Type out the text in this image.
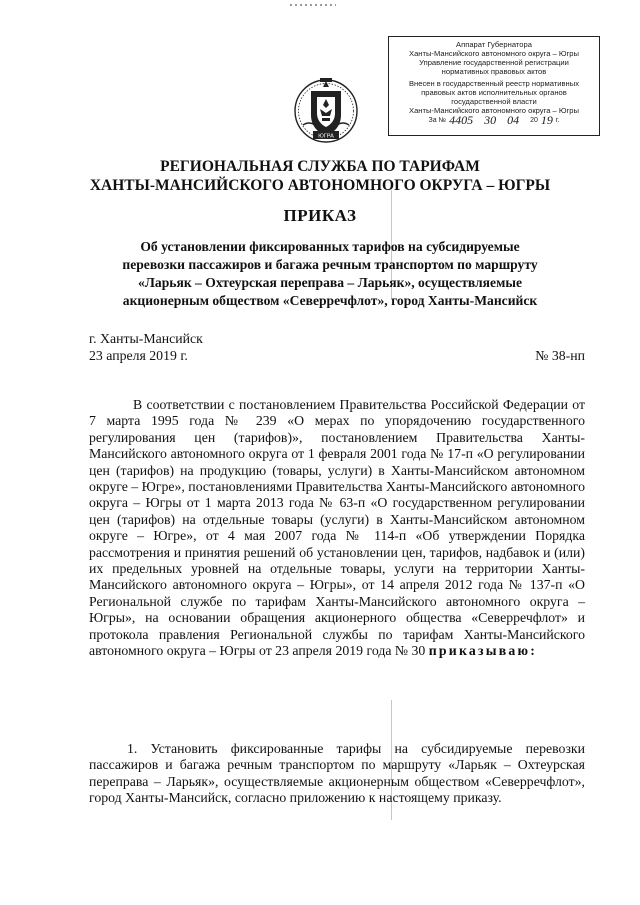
ЮГРА
Аппарат Губернатора
Ханты-Мансийского автономного округа – Югры
Управление государственной регистрации
нормативных правовых актов
Внесен в государственный реестр нормативных
правовых актов исполнительных органов
государственной власти
Ханты-Мансийского автономного округа – Югры
За № 4405 30 04 20 19 г.
РЕГИОНАЛЬНАЯ СЛУЖБА ПО ТАРИФАМ
ХАНТЫ-МАНСИЙСКОГО АВТОНОМНОГО ОКРУГА – ЮГРЫ
ПРИКАЗ
Об установлении фиксированных тарифов на субсидируемые
перевозки пассажиров и багажа речным транспортом по маршруту
«Ларьяк – Охтеурская переправа – Ларьяк», осуществляемые
акционерным обществом «Северречфлот», город Ханты-Мансийск
г. Ханты-Мансийск
23 апреля 2019 г.	№ 38-нп
В соответствии с постановлением Правительства Российской Федерации от 7 марта 1995 года № 239 «О мерах по упорядочению государственного регулирования цен (тарифов)», постановлением Правительства Ханты-Мансийского автономного округа от 1 февраля 2001 года № 17-п «О регулировании цен (тарифов) на продукцию (товары, услуги) в Ханты-Мансийском автономном округе – Югре», постановлениями Правительства Ханты-Мансийского автономного округа – Югры от 1 марта 2013 года № 63-п «О государственном регулировании цен (тарифов) на отдельные товары (услуги) в Ханты-Мансийском автономном округе – Югре», от 4 мая 2007 года № 114-п «Об утверждении Порядка рассмотрения и принятия решений об установлении цен, тарифов, надбавок и (или) их предельных уровней на отдельные товары, услуги на территории Ханты-Мансийского автономного округа – Югры», от 14 апреля 2012 года № 137-п «О Региональной службе по тарифам Ханты-Мансийского автономного округа – Югры», на основании обращения акционерного общества «Северречфлот» и протокола правления Региональной службы по тарифам Ханты-Мансийского автономного округа – Югры от 23 апреля 2019 года № 30 приказываю:
1. Установить фиксированные тарифы на субсидируемые перевозки пассажиров и багажа речным транспортом по маршруту «Ларьяк – Охтеурская переправа – Ларьяк», осуществляемые акционерным обществом «Северречфлот», город Ханты-Мансийск, согласно приложению к настоящему приказу.
